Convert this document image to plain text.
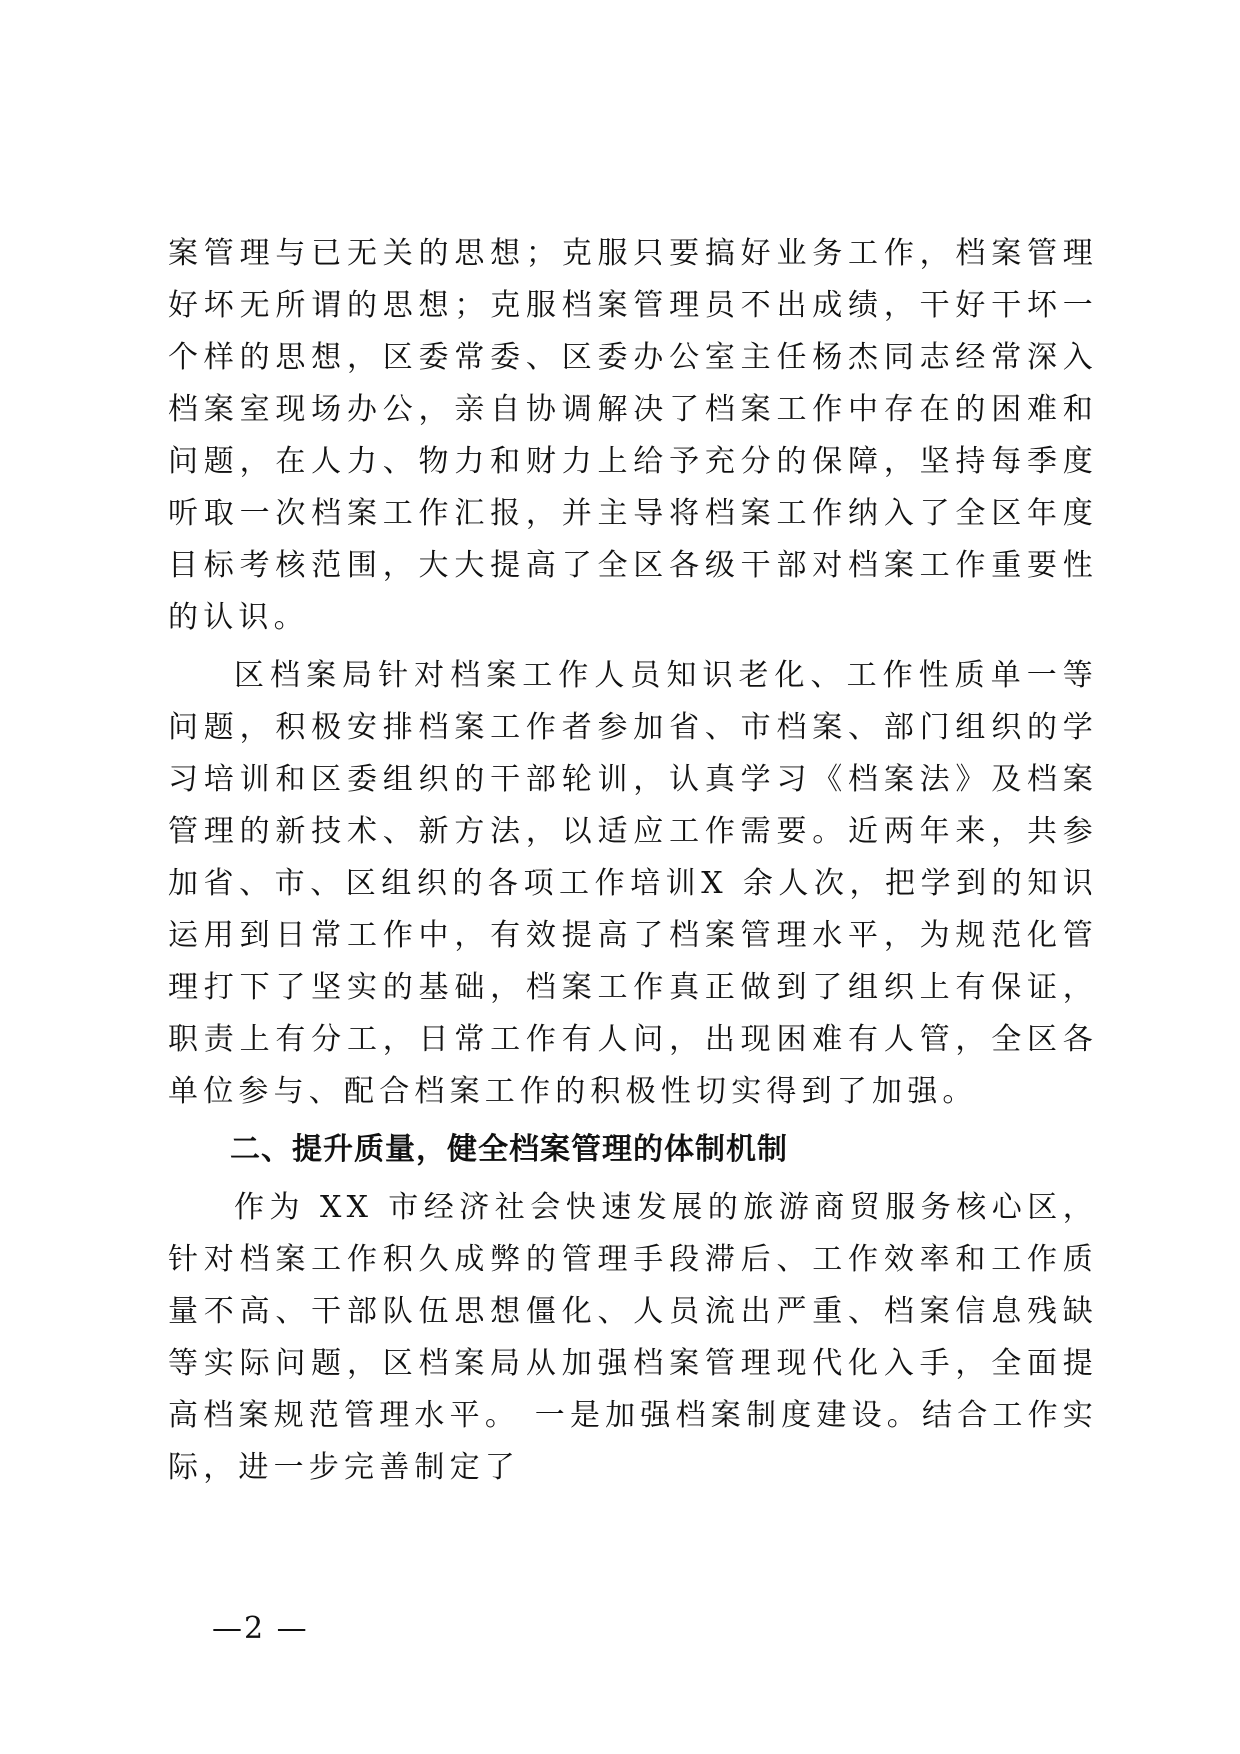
案管理与已无关的思想；克服只要搞好业务工作，档案管理好坏无所谓的思想；克服档案管理员不出成绩，干好干坏一个样的思想，区委常委、区委办公室主任杨杰同志经常深入档案室现场办公，亲自协调解决了档案工作中存在的困难和问题，在人力、物力和财力上给予充分的保障，坚持每季度听取一次档案工作汇报，并主导将档案工作纳入了全区年度目标考核范围，大大提高了全区各级干部对档案工作重要性的认识。

区档案局针对档案工作人员知识老化、工作性质单一等问题，积极安排档案工作者参加省、市档案、部门组织的学习培训和区委组织的干部轮训，认真学习《档案法》及档案管理的新技术、新方法，以适应工作需要。近两年来，共参加省、市、区组织的各项工作培训X 余人次，把学到的知识运用到日常工作中，有效提高了档案管理水平，为规范化管理打下了坚实的基础，档案工作真正做到了组织上有保证，职责上有分工，日常工作有人问，出现困难有人管，全区各单位参与、配合档案工作的积极性切实得到了加强。

二、提升质量，健全档案管理的体制机制

作为 XX 市经济社会快速发展的旅游商贸服务核心区，针对档案工作积久成弊的管理手段滞后、工作效率和工作质量不高、干部队伍思想僵化、人员流出严重、档案信息残缺等实际问题，区档案局从加强档案管理现代化入手，全面提高档案规范管理水平。 一是加强档案制度建设。结合工作实际，进一步完善制定了

—2 —
